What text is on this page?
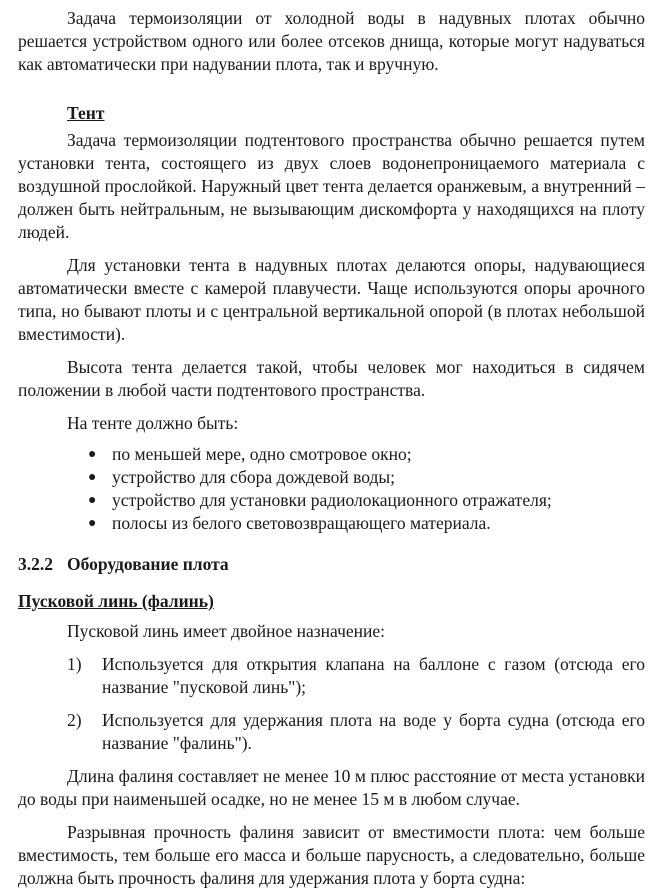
Задача термоизоляции от холодной воды в надувных плотах обычно решается устройством одного или более отсеков днища, которые могут надуваться как автоматически при надувании плота, так и вручную.

Тент

Задача термоизоляции подтентового пространства обычно решается путем установки тента, состоящего из двух слоев водонепроницаемого материала с воздушной прослойкой. Наружный цвет тента делается оранжевым, а внутренний – должен быть нейтральным, не вызывающим дискомфорта у находящихся на плоту людей.

Для установки тента в надувных плотах делаются опоры, надувающиеся автоматически вместе с камерой плавучести. Чаще используются опоры арочного типа, но бывают плоты и с центральной вертикальной опорой (в плотах небольшой вместимости).

Высота тента делается такой, чтобы человек мог находиться в сидячем положении в любой части подтентового пространства.

На тенте должно быть:

● по меньшей мере, одно смотровое окно;
● устройство для сбора дождевой воды;
● устройство для установки радиолокационного отражателя;
● полосы из белого световозвращающего материала.
3.2.2 Оборудование плота
Пусковой линь (фалинь)

Пусковой линь имеет двойное назначение:

1) Используется для открытия клапана на баллоне с газом (отсюда его название "пусковой линь");
2) Используется для удержания плота на воде у борта судна (отсюда его название "фалинь").

Длина фалиня составляет не менее 10 м плюс расстояние от места установки до воды при наименьшей осадке, но не менее 15 м в любом случае.

Разрывная прочность фалиня зависит от вместимости плота: чем больше вместимость, тем больше его масса и больше парусность, а следовательно, больше должна быть прочность фалиня для удержания плота у борта судна:
